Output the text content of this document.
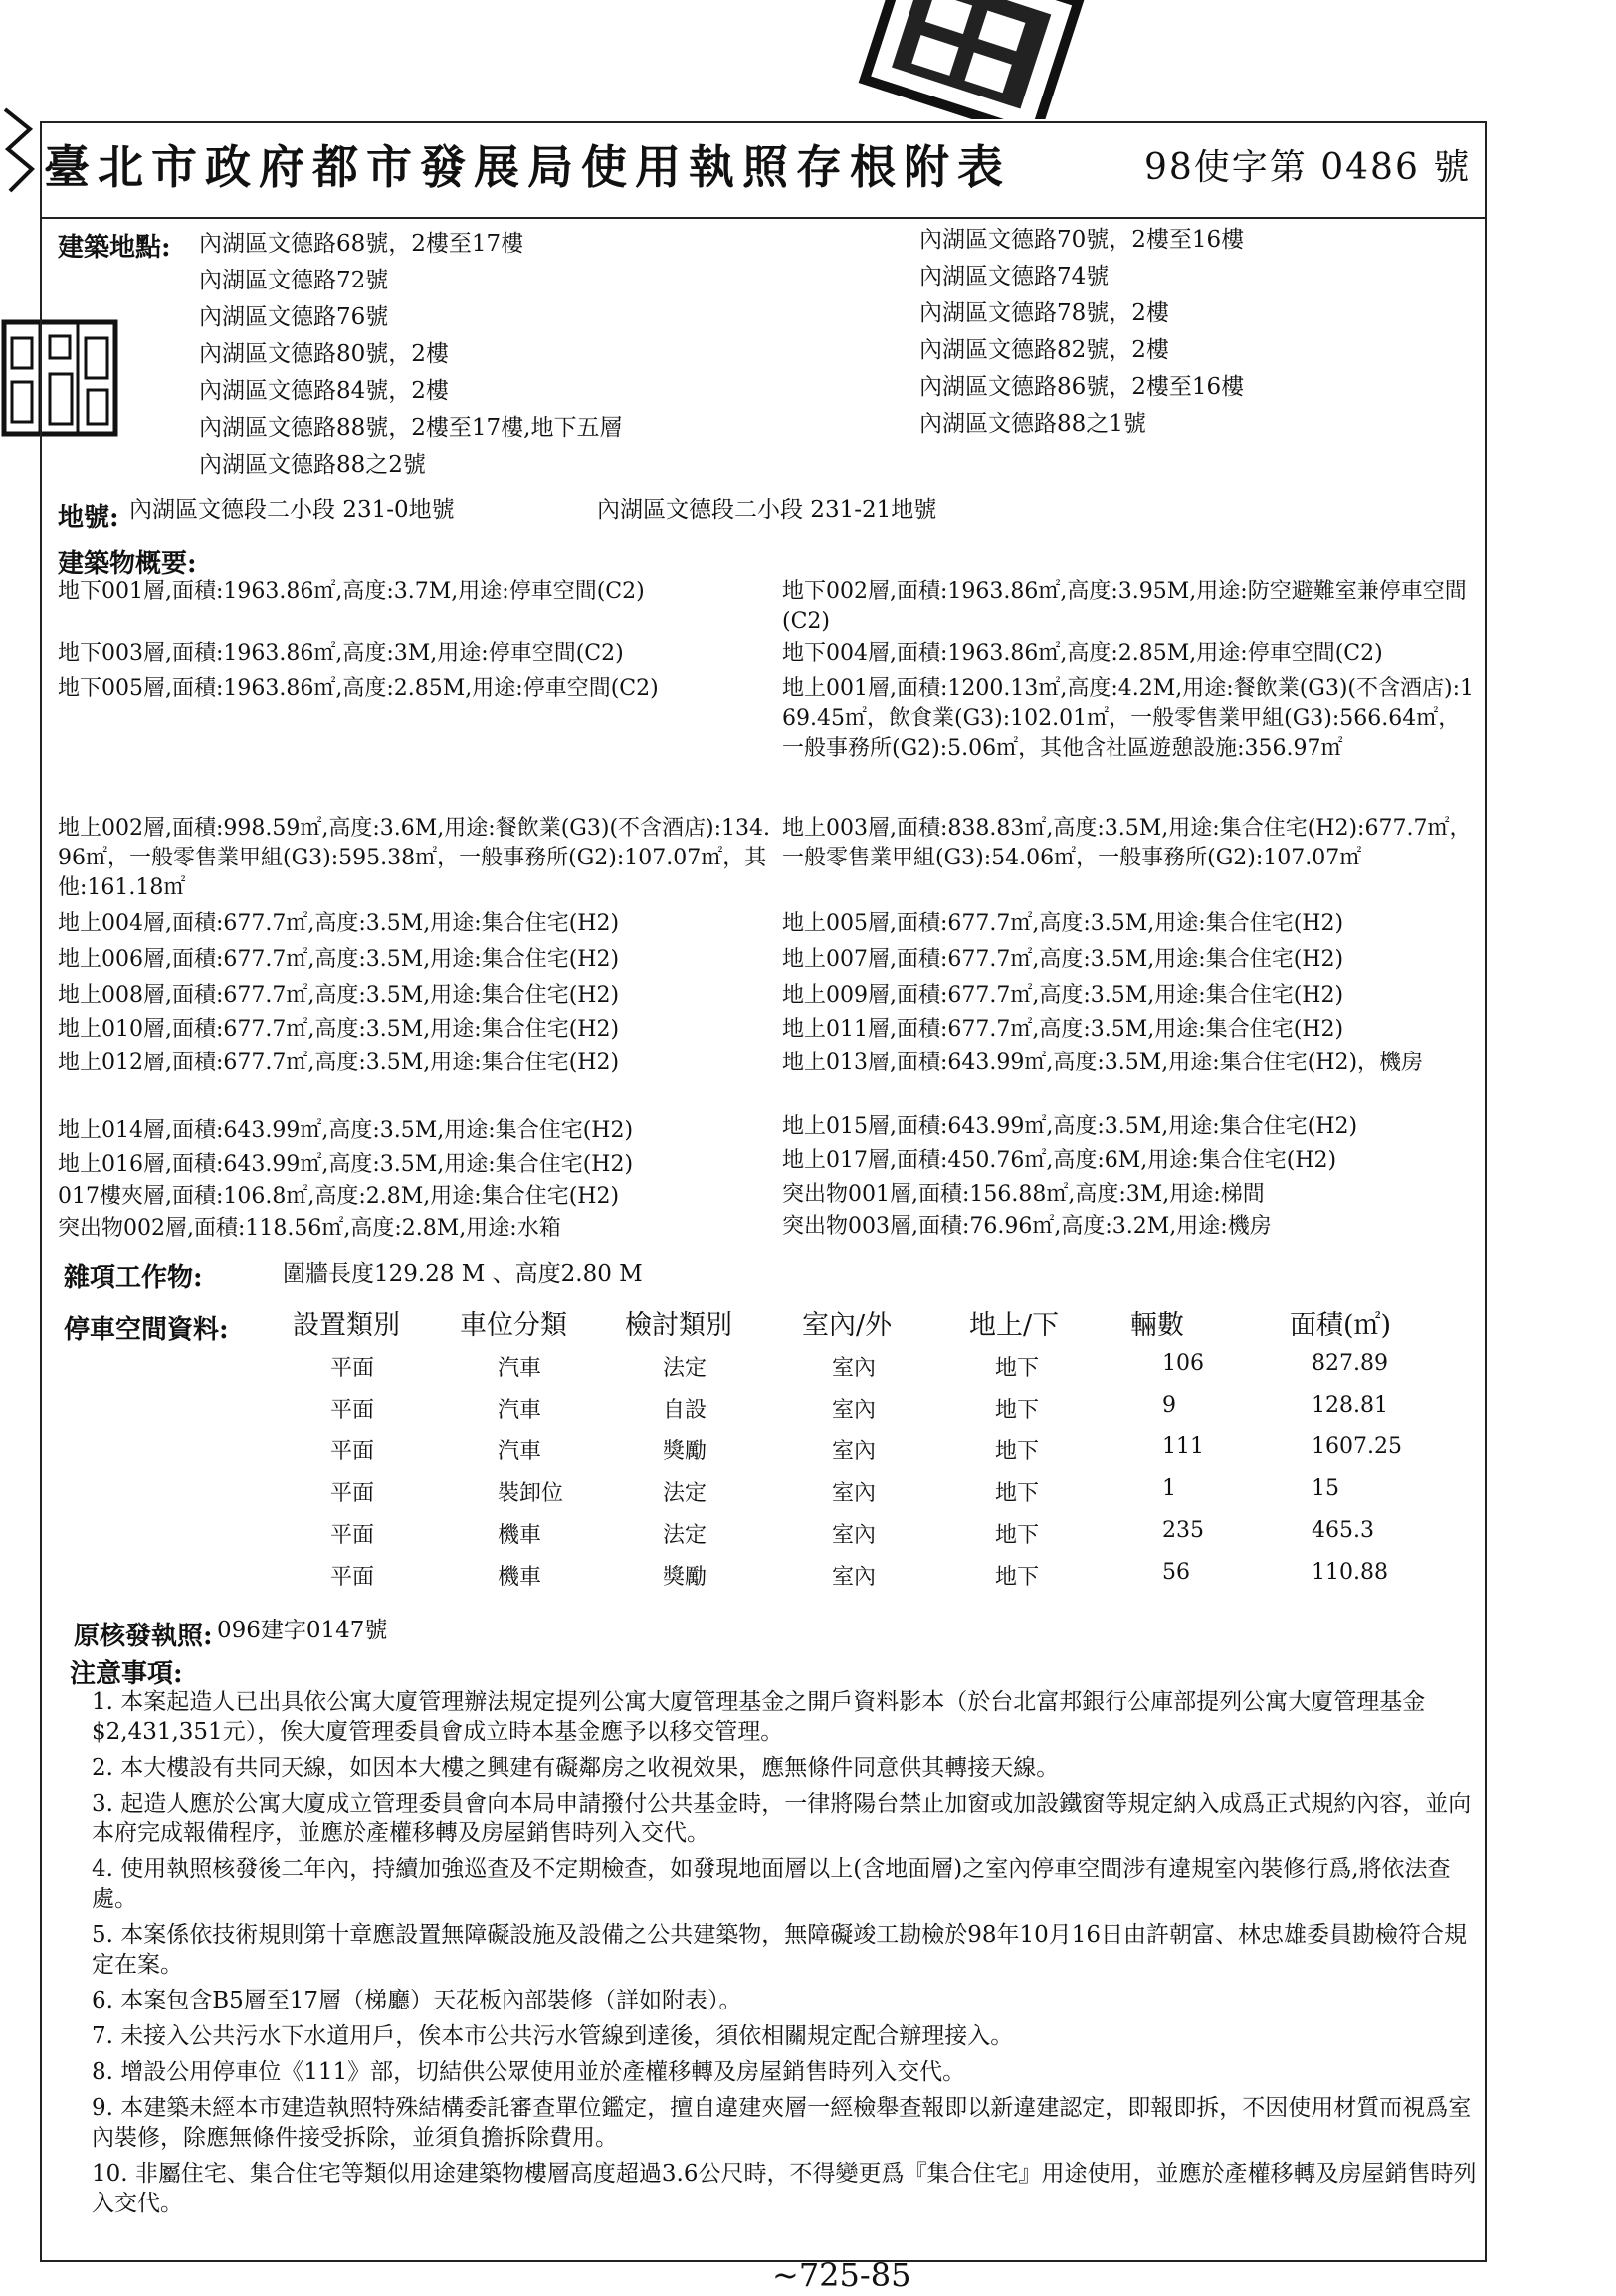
臺北市政府都市發展局使用執照存根附表	98使字第 0486 號
建築地點: 內湖區文德路68號，2樓至17樓
內湖區文德路72號
內湖區文德路76號
內湖區文德路80號，2樓
內湖區文德路84號，2樓
內湖區文德路88號，2樓至17樓,地下五層
內湖區文德路88之2號
內湖區文德路70號，2樓至16樓
內湖區文德路74號
內湖區文德路78號，2樓
內湖區文德路82號，2樓
內湖區文德路86號，2樓至16樓
內湖區文德路88之1號
地號: 內湖區文德段二小段 231-0地號	內湖區文德段二小段 231-21地號
建築物概要:
地下001層,面積:1963.86㎡,高度:3.7M,用途:停車空間(C2)	地下002層,面積:1963.86㎡,高度:3.95M,用途:防空避難室兼停車空間(C2)
地下003層,面積:1963.86㎡,高度:3M,用途:停車空間(C2)	地下004層,面積:1963.86㎡,高度:2.85M,用途:停車空間(C2)
地下005層,面積:1963.86㎡,高度:2.85M,用途:停車空間(C2)	地上001層,面積:1200.13㎡,高度:4.2M,用途:餐飲業(G3)(不含酒店):169.45㎡，飲食業(G3):102.01㎡，一般零售業甲組(G3):566.64㎡，一般事務所(G2):5.06㎡，其他含社區遊憩設施:356.97㎡
地上002層,面積:998.59㎡,高度:3.6M,用途:餐飲業(G3)(不含酒店):134.96㎡，一般零售業甲組(G3):595.38㎡，一般事務所(G2):107.07㎡，其他:161.18㎡
地上003層,面積:838.83㎡,高度:3.5M,用途:集合住宅(H2):677.7㎡，一般零售業甲組(G3):54.06㎡，一般事務所(G2):107.07㎡
地上004層,面積:677.7㎡,高度:3.5M,用途:集合住宅(H2)	地上005層,面積:677.7㎡,高度:3.5M,用途:集合住宅(H2)
地上006層,面積:677.7㎡,高度:3.5M,用途:集合住宅(H2)	地上007層,面積:677.7㎡,高度:3.5M,用途:集合住宅(H2)
地上008層,面積:677.7㎡,高度:3.5M,用途:集合住宅(H2)	地上009層,面積:677.7㎡,高度:3.5M,用途:集合住宅(H2)
地上010層,面積:677.7㎡,高度:3.5M,用途:集合住宅(H2)	地上011層,面積:677.7㎡,高度:3.5M,用途:集合住宅(H2)
地上012層,面積:677.7㎡,高度:3.5M,用途:集合住宅(H2)	地上013層,面積:643.99㎡,高度:3.5M,用途:集合住宅(H2)，機房
地上014層,面積:643.99㎡,高度:3.5M,用途:集合住宅(H2)	地上015層,面積:643.99㎡,高度:3.5M,用途:集合住宅(H2)
地上016層,面積:643.99㎡,高度:3.5M,用途:集合住宅(H2)	地上017層,面積:450.76㎡,高度:6M,用途:集合住宅(H2)
017樓夾層,面積:106.8㎡,高度:2.8M,用途:集合住宅(H2)	突出物001層,面積:156.88㎡,高度:3M,用途:梯間
突出物002層,面積:118.56㎡,高度:2.8M,用途:水箱	突出物003層,面積:76.96㎡,高度:3.2M,用途:機房
雜項工作物:	圍牆長度129.28 M 、高度2.80 M
停車空間資料: 設置類別 車位分類 檢討類別	室內/外	地上/下	輛數	面積(㎡)
平面	汽車	法定	室內	地下	106	827.89
平面	汽車	自設	室內	地下	9	128.81
平面	汽車	獎勵	室內	地下	111	1607.25
平面	裝卸位	法定	室內	地下	1	15
平面	機車	法定	室內	地下	235	465.3
平面	機車	獎勵	室內	地下	56	110.88
原核發執照: 096建字0147號
注意事項:
1. 本案起造人已出具依公寓大廈管理辦法規定提列公寓大廈管理基金之開戶資料影本（於台北富邦銀行公庫部提列公寓大廈管理基金$2,431,351元），俟大廈管理委員會成立時本基金應予以移交管理。
2. 本大樓設有共同天線，如因本大樓之興建有礙鄰房之收視效果，應無條件同意供其轉接天線。
3. 起造人應於公寓大廈成立管理委員會向本局申請撥付公共基金時，一律將陽台禁止加窗或加設鐵窗等規定納入成爲正式規約內容，並向本府完成報備程序，並應於產權移轉及房屋銷售時列入交代。
4. 使用執照核發後二年內，持續加強巡查及不定期檢查，如發現地面層以上(含地面層)之室內停車空間涉有違規室內裝修行爲,將依法查處。
5. 本案係依技術規則第十章應設置無障礙設施及設備之公共建築物，無障礙竣工勘檢於98年10月16日由許朝富、林忠雄委員勘檢符合規定在案。
6. 本案包含B5層至17層（梯廳）天花板內部裝修（詳如附表）。
7. 未接入公共污水下水道用戶，俟本市公共污水管線到達後，須依相關規定配合辦理接入。
8. 增設公用停車位《111》部，切結供公眾使用並於產權移轉及房屋銷售時列入交代。
9. 本建築未經本市建造執照特殊結構委託審查單位鑑定，擅自違建夾層一經檢舉查報即以新違建認定，即報即拆，不因使用材質而視爲室內裝修，除應無條件接受拆除，並須負擔拆除費用。
10. 非屬住宅、集合住宅等類似用途建築物樓層高度超過3.6公尺時，不得變更爲『集合住宅』用途使用，並應於產權移轉及房屋銷售時列入交代。
~725-85
